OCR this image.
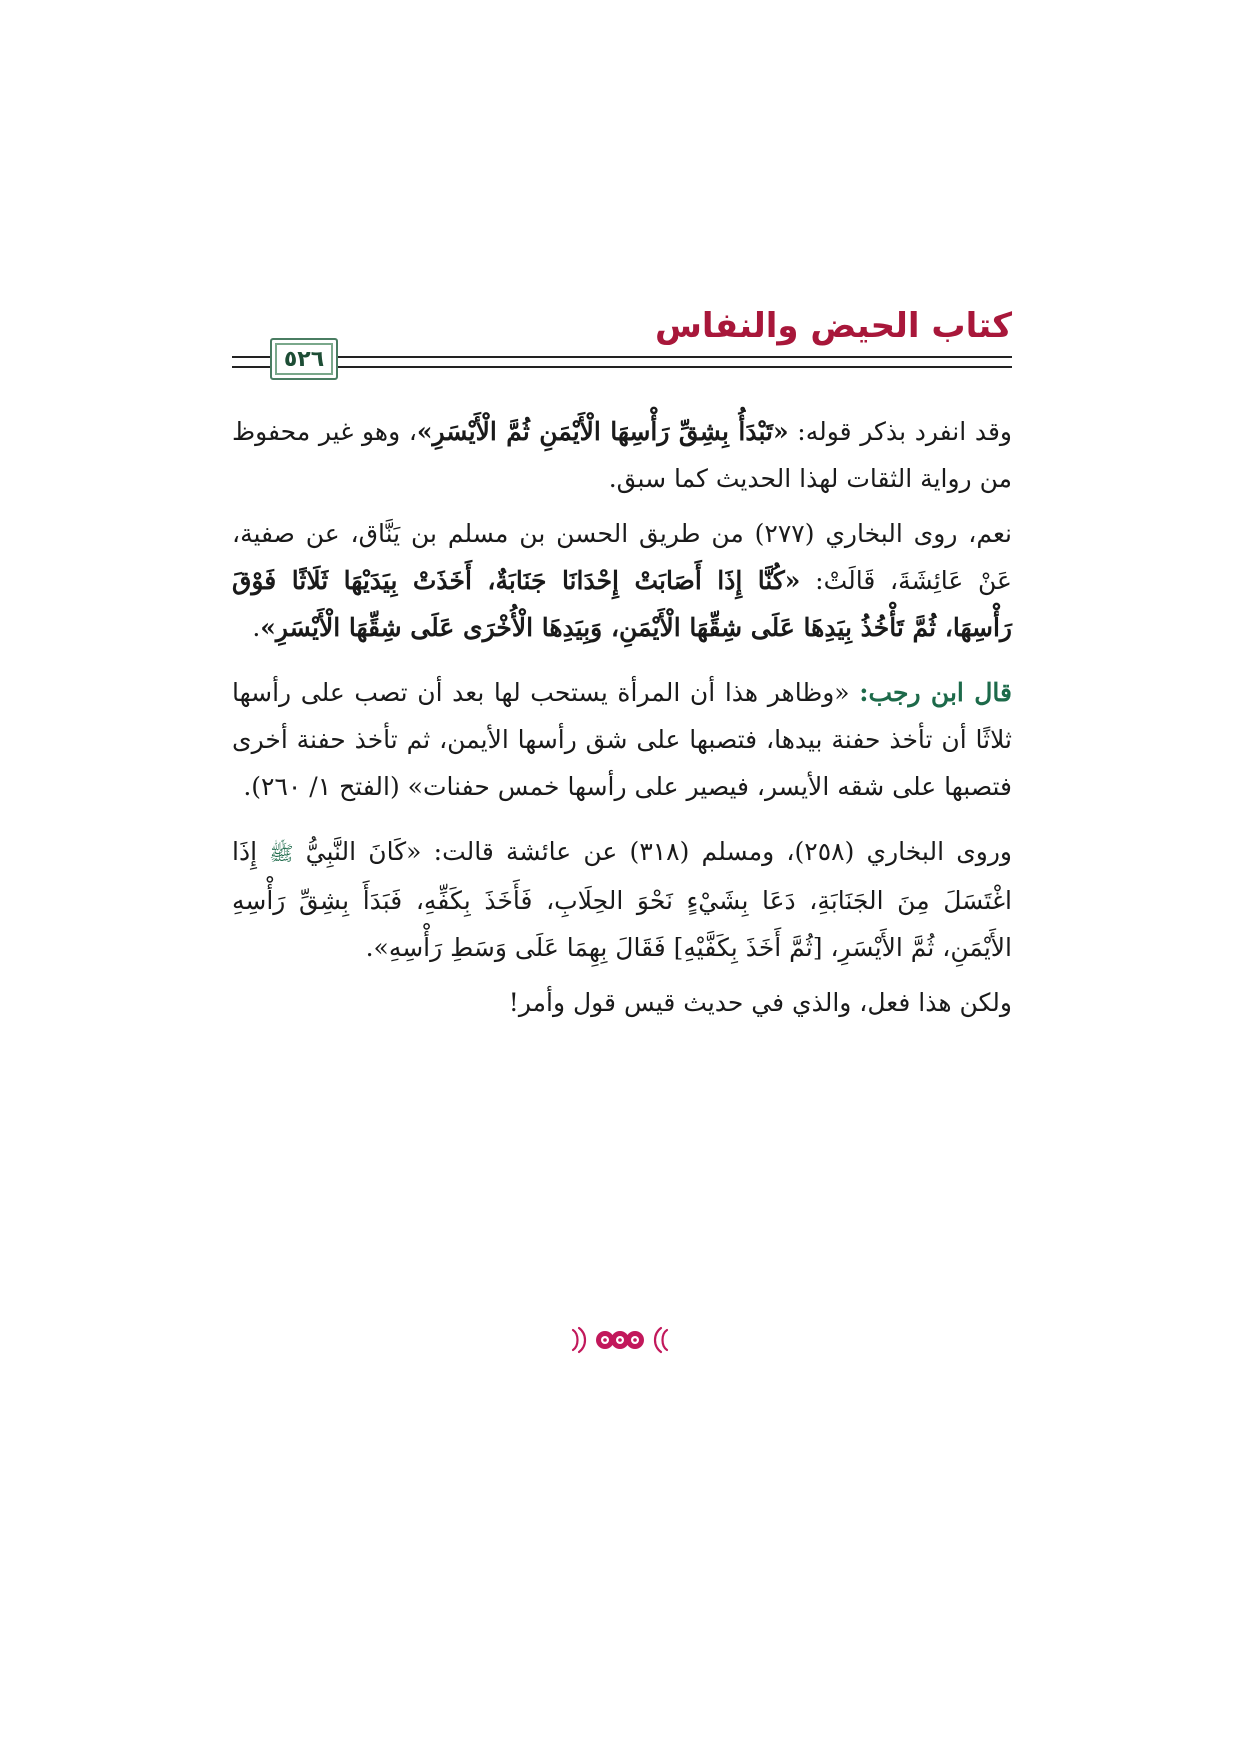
كتاب الحيض والنفاس
٥٢٦

وقد انفرد بذكر قوله: «تَبْدَأُ بِشِقِّ رَأْسِهَا الْأَيْمَنِ ثُمَّ الْأَيْسَرِ»، وهو غير محفوظ من رواية الثقات لهذا الحديث كما سبق.

نعم، روى البخاري (٢٧٧) من طريق الحسن بن مسلم بن يَنَّاق، عن صفية، عَنْ عَائِشَةَ، قَالَتْ: «كُنَّا إِذَا أَصَابَتْ إِحْدَانَا جَنَابَةٌ، أَخَذَتْ بِيَدَيْهَا ثَلَاثًا فَوْقَ رَأْسِهَا، ثُمَّ تَأْخُذُ بِيَدِهَا عَلَى شِقِّهَا الْأَيْمَنِ، وَبِيَدِهَا الْأُخْرَى عَلَى شِقِّهَا الْأَيْسَرِ».

قال ابن رجب: «وظاهر هذا أن المرأة يستحب لها بعد أن تصب على رأسها ثلاثًا أن تأخذ حفنة بيدها، فتصبها على شق رأسها الأيمن، ثم تأخذ حفنة أخرى فتصبها على شقه الأيسر، فيصير على رأسها خمس حفنات» (الفتح ١/ ٢٦٠).

وروى البخاري (٢٥٨)، ومسلم (٣١٨) عن عائشة قالت: «كَانَ النَّبِيُّ ﷺ إِذَا اغْتَسَلَ مِنَ الجَنَابَةِ، دَعَا بِشَيْءٍ نَحْوَ الحِلَابِ، فَأَخَذَ بِكَفِّهِ، فَبَدَأَ بِشِقِّ رَأْسِهِ الأَيْمَنِ، ثُمَّ الأَيْسَرِ، [ثُمَّ أَخَذَ بِكَفَّيْهِ] فَقَالَ بِهِمَا عَلَى وَسَطِ رَأْسِهِ».

ولكن هذا فعل، والذي في حديث قيس قول وأمر!
